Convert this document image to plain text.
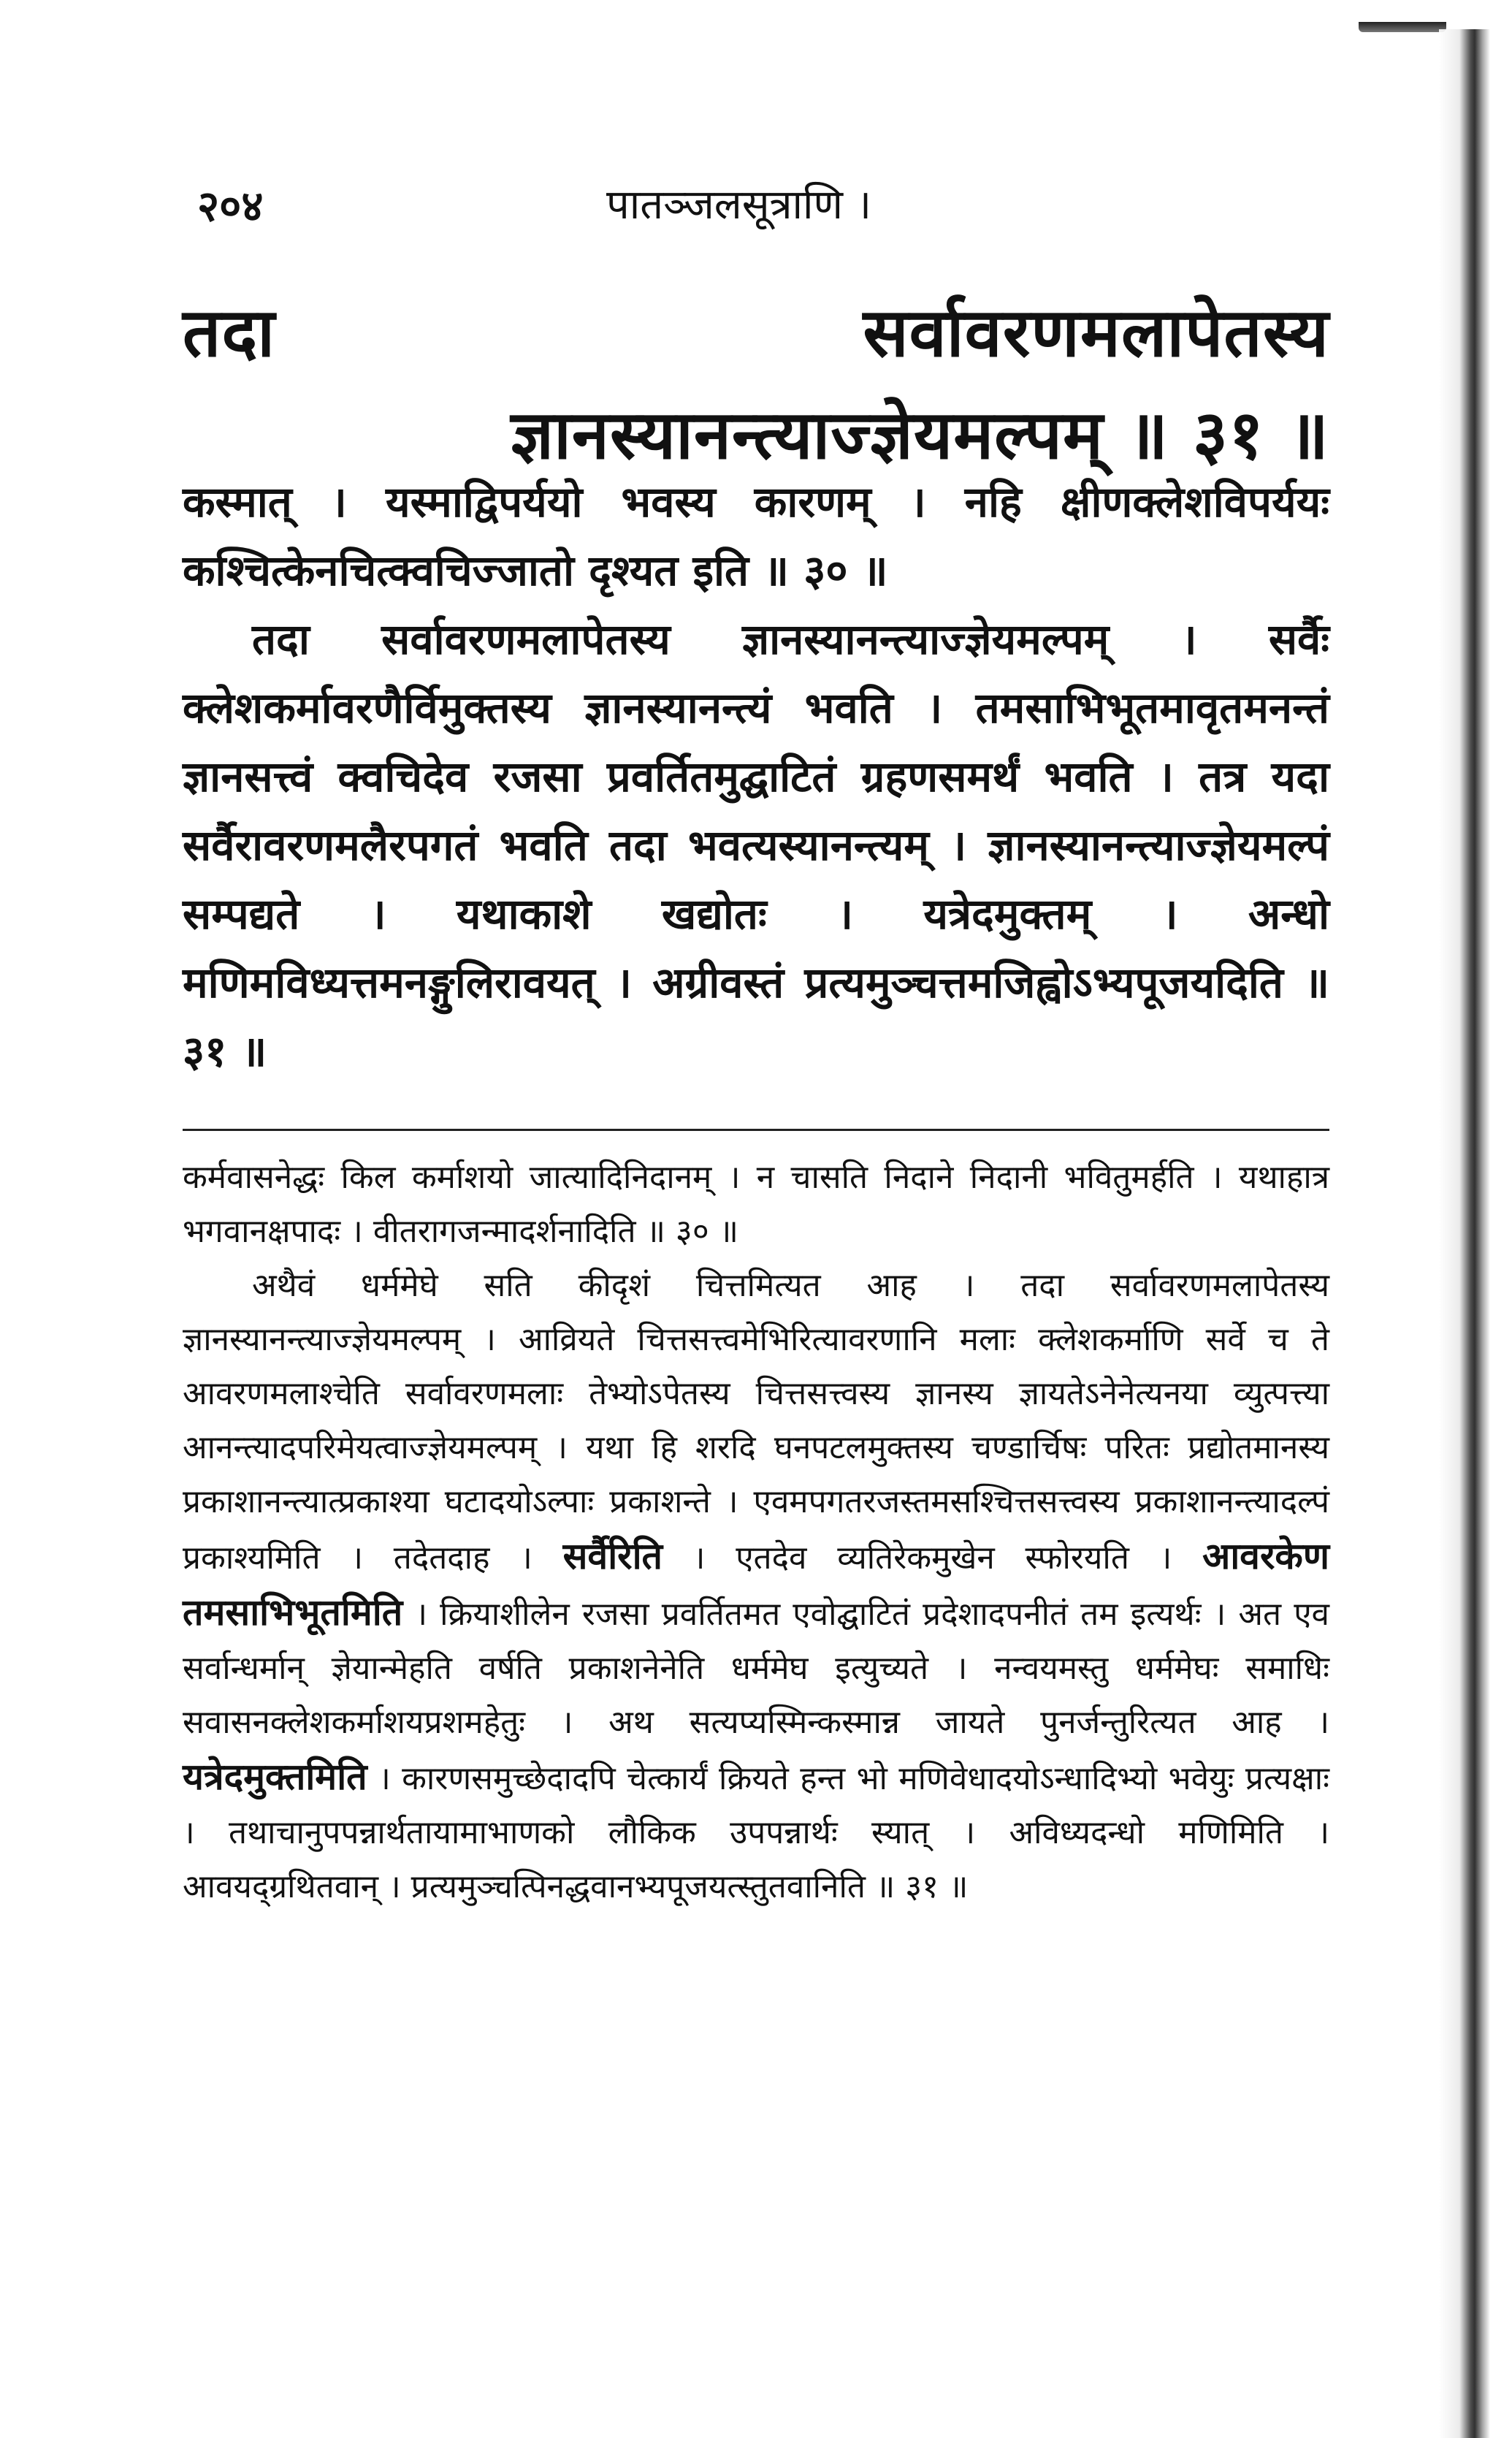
२०४	पातञ्जलसूत्राणि ।
तदा सर्वावरणमलापेतस्य ज्ञानस्यानन्त्याज्ज्ञेयमल्पम् ॥ ३१ ॥

कस्मात् । यस्माद्विपर्ययो भवस्य कारणम् । नहि क्षीणक्लेशविपर्ययः कश्चित्केनचित्क्वचिज्जातो दृश्यत इति ॥ ३० ॥

तदा सर्वावरणमलापेतस्य ज्ञानस्यानन्त्याज्ज्ञेयमल्पम् । सर्वैः क्लेशकर्मावरणैर्विमुक्तस्य ज्ञानस्यानन्त्यं भवति । तमसाभिभूतमावृतमनन्तं ज्ञानसत्त्वं क्वचिदेव रजसा प्रवर्तितमुद्घाटितं ग्रहणसमर्थं भवति । तत्र यदा सर्वैरावरणमलैरपगतं भवति तदा भवत्यस्यानन्त्यम् । ज्ञानस्यानन्त्याज्ज्ञेयमल्पं सम्पद्यते । यथाकाशे खद्योतः । यत्रेदमुक्तम् । अन्धो मणिमविध्यत्तमनङ्गुलिरावयत् । अग्रीवस्तं प्रत्यमुञ्चत्तमजिह्वोऽभ्यपूजयदिति ॥ ३१ ॥

कर्मवासनेद्धः किल कर्माशयो जात्यादिनिदानम् । न चासति निदाने निदानी भवितुमर्हति । यथाहात्र भगवानक्षपादः । वीतरागजन्मादर्शनादिति ॥ ३० ॥

अथैवं धर्ममेघे सति कीदृशं चित्तमित्यत आह । तदा सर्वावरणमलापेतस्य ज्ञानस्यानन्त्याज्ज्ञेयमल्पम् । आव्रियते चित्तसत्त्वमेभिरित्यावरणानि मलाः क्लेशकर्माणि सर्वे च ते आवरणमलाश्चेति सर्वावरणमलाः तेभ्योऽपेतस्य चित्तसत्त्वस्य ज्ञानस्य ज्ञायतेऽनेनेत्यनया व्युत्पत्त्या आनन्त्यादपरिमेयत्वाज्ज्ञेयमल्पम् । यथा हि शरदि घनपटलमुक्तस्य चण्डार्चिषः परितः प्रद्योतमानस्य प्रकाशानन्त्यात्प्रकाश्या घटादयोऽल्पाः प्रकाशन्ते । एवमपगतरजस्तमसश्चित्तसत्त्वस्य प्रकाशानन्त्यादल्पं प्रकाश्यमिति । तदेतदाह । सर्वैरिति । एतदेव व्यतिरेकमुखेन स्फोरयति । आवरकेण तमसाभिभूतमिति । क्रियाशीलेन रजसा प्रवर्तितमत एवोद्घाटितं प्रदेशादपनीतं तम इत्यर्थः । अत एव सर्वान्धर्मान् ज्ञेयान्मेहति वर्षति प्रकाशनेनेति धर्ममेघ इत्युच्यते । नन्वयमस्तु धर्ममेघः समाधिः सवासनक्लेशकर्माशयप्रशमहेतुः । अथ सत्यप्यस्मिन्कस्मान्न जायते पुनर्जन्तुरित्यत आह । यत्रेदमुक्तमिति । कारणसमुच्छेदादपि चेत्कार्यं क्रियते हन्त भो मणिवेधादयोऽन्धादिभ्यो भवेयुः प्रत्यक्षाः । तथाचानुपपन्नार्थतायामाभाणको लौकिक उपपन्नार्थः स्यात् । अविध्यदन्धो मणिमिति । आवयद्ग्रथितवान् । प्रत्यमुञ्चत्पिनद्धवानभ्यपूजयत्स्तुतवानिति ॥ ३१ ॥
